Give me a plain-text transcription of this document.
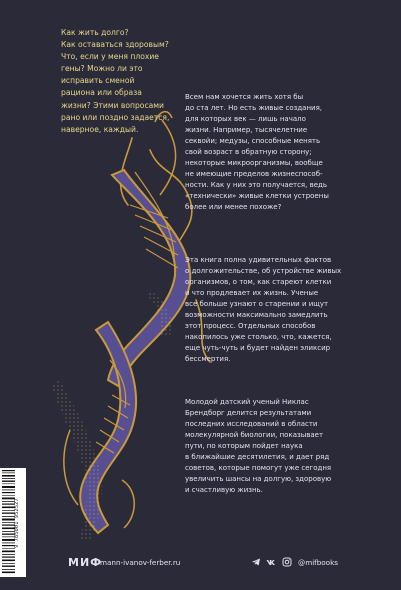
Как жить долго?
Как оставаться здоровым?
Что, если у меня плохие
гены? Можно ли это
исправить сменой
рациона или образа
жизни? Этими вопросами
рано или поздно задается,
наверное, каждый.
Всем нам хочется жить хотя бы
до ста лет. Но есть живые создания,
для которых век — лишь начало
жизни. Например, тысячелетние
секвойи; медузы, способные менять
свой возраст в обратную сторону;
некоторые микроорганизмы, вообще
не имеющие пределов жизнеспособ-
ности. Как у них это получается, ведь
«технически» живые клетки устроены
более или менее похоже?
Эта книга полна удивительных фактов
о долгожительстве, об устройстве живых
организмов, о том, как стареют клетки
и что продлевает их жизнь. Ученые
все больше узнают о старении и ищут
возможности максимально замедлить
этот процесс. Отдельных способов
накопилось уже столько, что, кажется,
еще чуть-чуть и будет найден эликсир
бессмертия.
Молодой датский ученый Никлас
Брендборг делится результатами
последних исследований в области
молекулярной биологии, показывает
пути, по которым пойдет наука
в ближайшие десятилетия, и дает ряд
советов, которые помогут уже сегодня
увеличить шансы на долгую, здоровую
и счастливую жизнь.
9 785001 952527
МИФ
mann-ivanov-ferber.ru	@mifbooks
